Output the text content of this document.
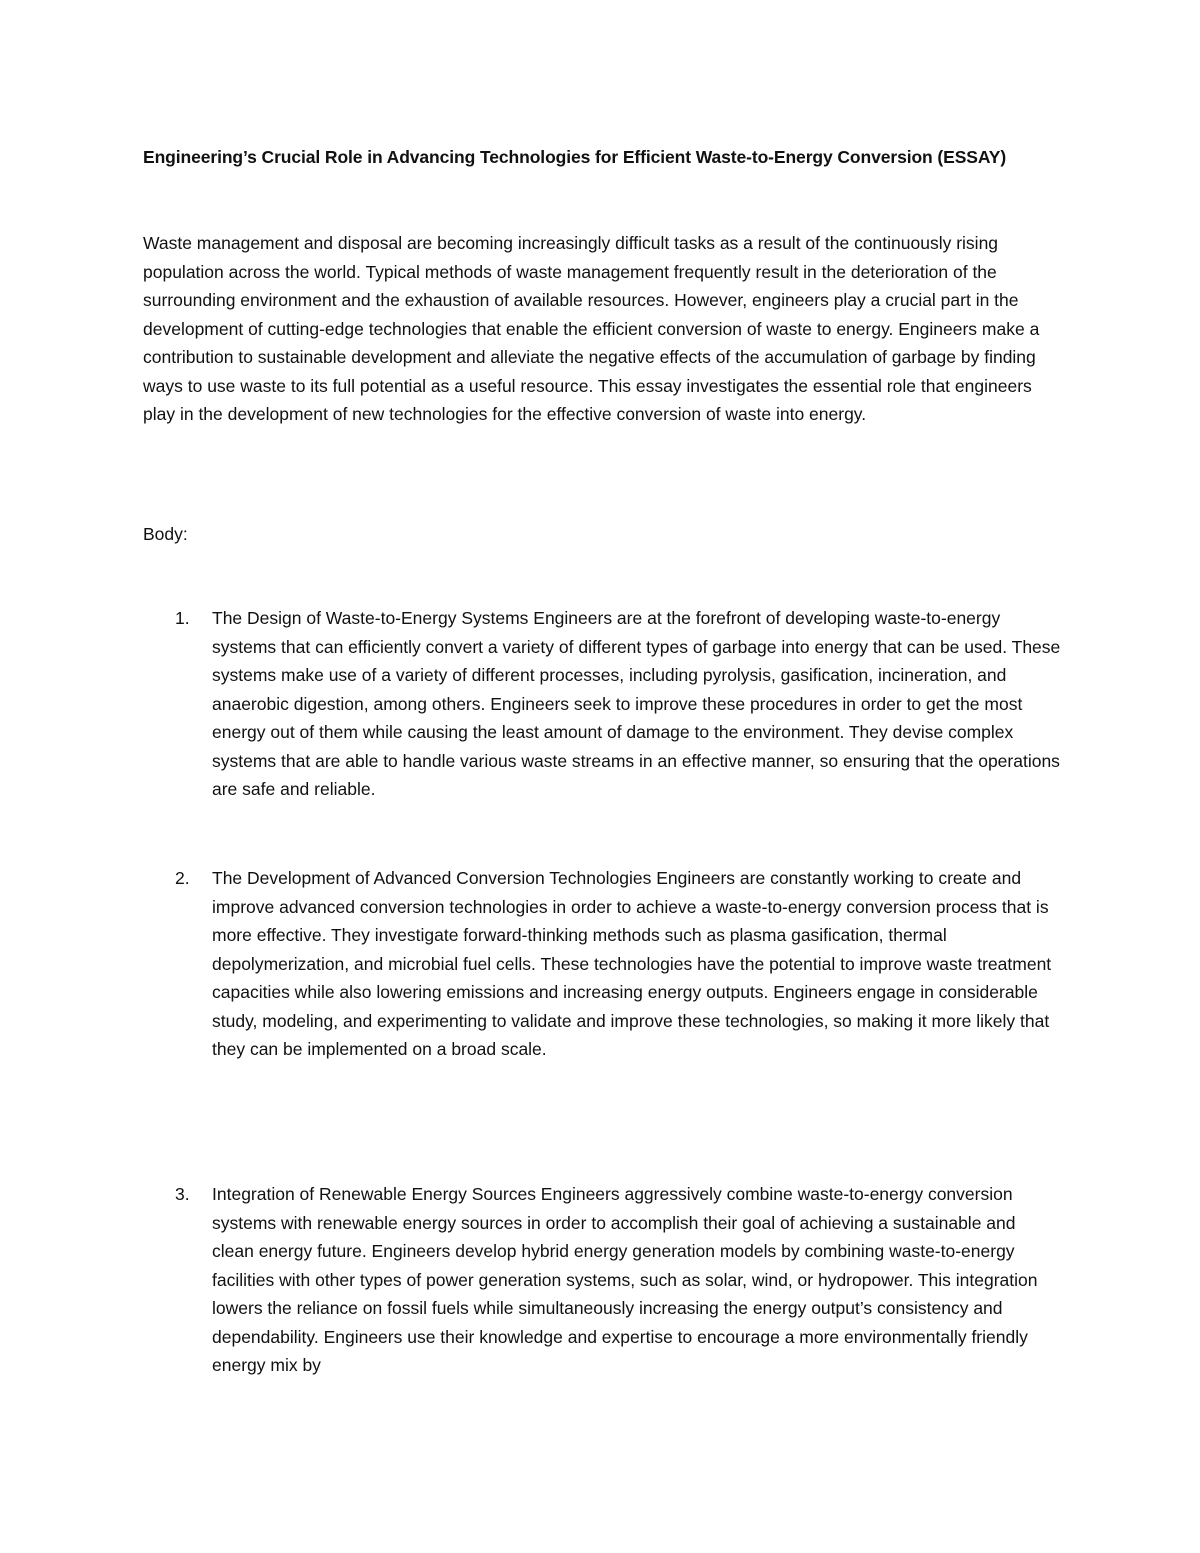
Engineering’s Crucial Role in Advancing Technologies for Efficient Waste-to-Energy Conversion (ESSAY)

Waste management and disposal are becoming increasingly difficult tasks as a result of the continuously rising population across the world. Typical methods of waste management frequently result in the deterioration of the surrounding environment and the exhaustion of available resources. However, engineers play a crucial part in the development of cutting-edge technologies that enable the efficient conversion of waste to energy. Engineers make a contribution to sustainable development and alleviate the negative effects of the accumulation of garbage by finding ways to use waste to its full potential as a useful resource. This essay investigates the essential role that engineers play in the development of new technologies for the effective conversion of waste into energy.

Body:

1.	The Design of Waste-to-Energy Systems Engineers are at the forefront of developing waste-to-energy systems that can efficiently convert a variety of different types of garbage into energy that can be used. These systems make use of a variety of different processes, including pyrolysis, gasification, incineration, and anaerobic digestion, among others. Engineers seek to improve these procedures in order to get the most energy out of them while causing the least amount of damage to the environment. They devise complex systems that are able to handle various waste streams in an effective manner, so ensuring that the operations are safe and reliable.
2.	The Development of Advanced Conversion Technologies Engineers are constantly working to create and improve advanced conversion technologies in order to achieve a waste-to-energy conversion process that is more effective. They investigate forward-thinking methods such as plasma gasification, thermal depolymerization, and microbial fuel cells. These technologies have the potential to improve waste treatment capacities while also lowering emissions and increasing energy outputs. Engineers engage in considerable study, modeling, and experimenting to validate and improve these technologies, so making it more likely that they can be implemented on a broad scale.
3.	Integration of Renewable Energy Sources Engineers aggressively combine waste-to-energy conversion systems with renewable energy sources in order to accomplish their goal of achieving a sustainable and clean energy future. Engineers develop hybrid energy generation models by combining waste-to-energy facilities with other types of power generation systems, such as solar, wind, or hydropower. This integration lowers the reliance on fossil fuels while simultaneously increasing the energy output’s consistency and dependability. Engineers use their knowledge and expertise to encourage a more environmentally friendly energy mix by
